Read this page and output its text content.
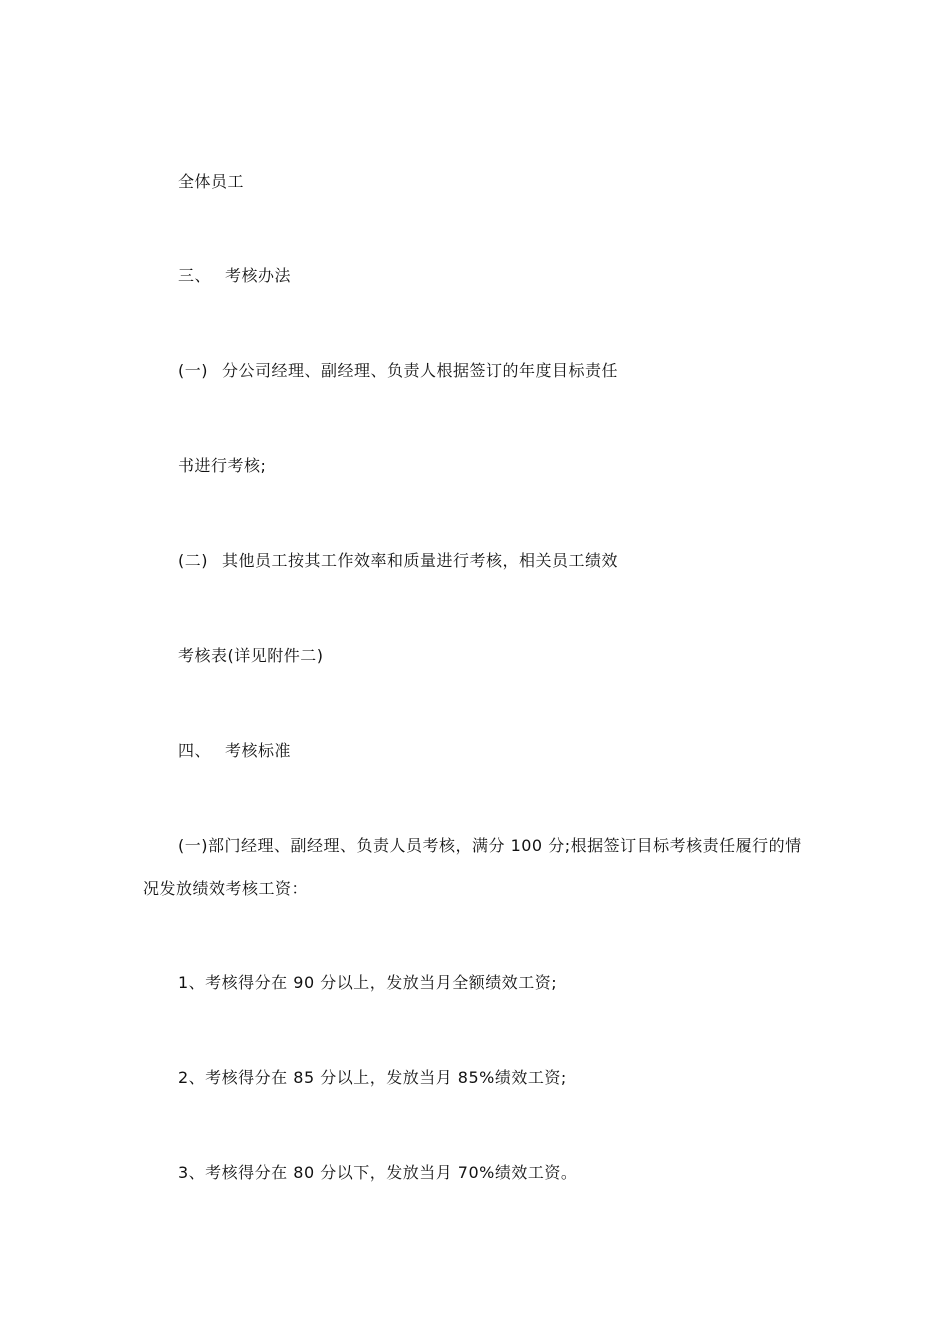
全体员工
三、 考核办法
(一) 分公司经理、副经理、负责人根据签订的年度目标责任
书进行考核;
(二) 其他员工按其工作效率和质量进行考核，相关员工绩效
考核表(详见附件二)
四、 考核标准
(一)部门经理、副经理、负责人员考核，满分 100 分;根据签订目标考核责任履行的情
况发放绩效考核工资：
1、考核得分在 90 分以上，发放当月全额绩效工资;
2、考核得分在 85 分以上，发放当月 85%绩效工资;
3、考核得分在 80 分以下，发放当月 70%绩效工资。
